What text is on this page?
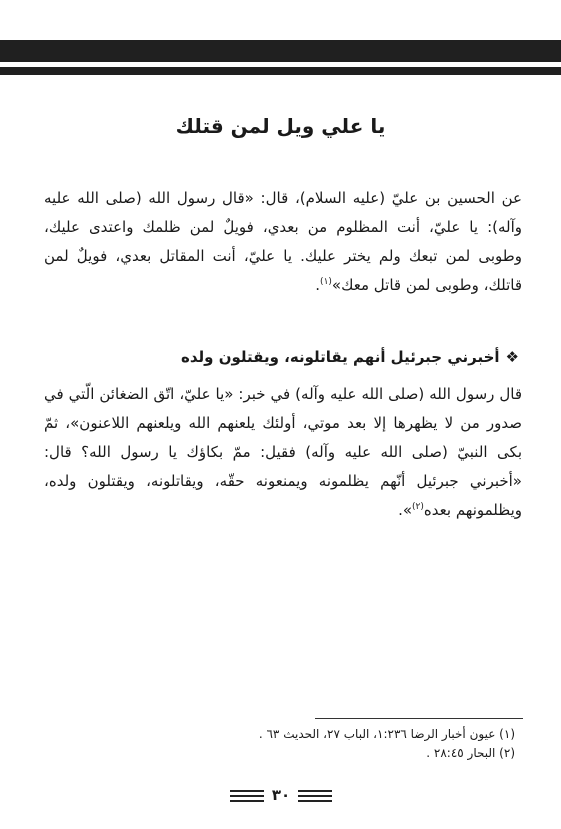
يا علي ويل لمن قتلك

عن الحسين بن عليّ (عليه السلام)، قال: «قال رسول الله (صلى الله عليه وآله): يا عليّ، أنت المظلوم من بعدي، فويلٌ لمن ظلمك واعتدى عليك، وطوبى لمن تبعك ولم يختر عليك. يا عليّ، أنت المقاتل بعدي، فويلٌ لمن قاتلك، وطوبى لمن قاتل معك»$^{(١)}$.

❖أخبرني جبرئيل أنهم يقاتلونه، ويقتلون ولده

قال رسول الله (صلى الله عليه وآله) في خبر: «يا عليّ، اتّق الضغائن الّتي في صدور من لا يظهرها إلا بعد موتي، أولئك يلعنهم الله ويلعنهم اللاعنون»، ثمّ بكى النبيّ (صلى الله عليه وآله) فقيل: ممّ بكاؤك يا رسول الله؟ قال: «أخبرني جبرئيل أنّهم يظلمونه ويمنعونه حقّه، ويقاتلونه، ويقتلون ولده، ويظلمونهم بعده$^{(٢)}$».

(١) عيون أخبار الرضا ١:٢٣٦، الباب ٢٧، الحديث ٦٣ .

(٢) البحار ٢٨:٤٥ .

٣٠
